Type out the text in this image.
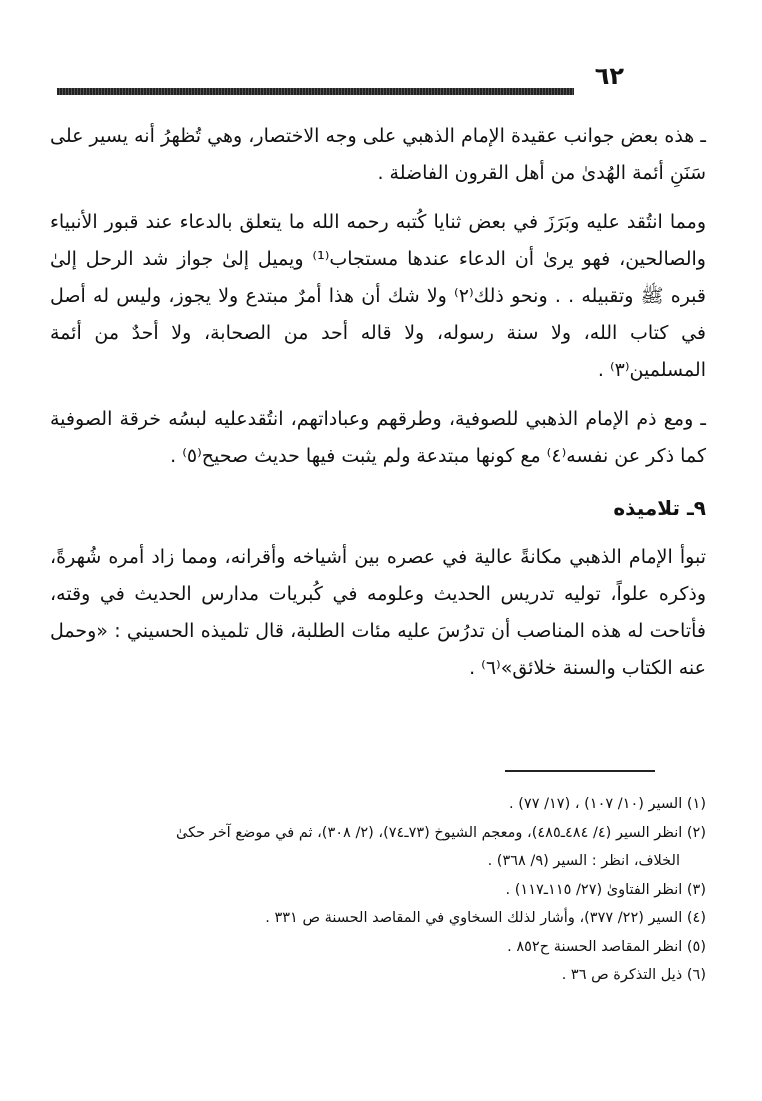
٦٢

ـ هذه بعض جوانب عقيدة الإمام الذهبي على وجه الاختصار، وهي تُظهرُ أنه يسير على سَنَنِ أئمة الهُدىٰ من أهل القرون الفاضلة .

ومما انتُقد عليه وبَرَزَ في بعض ثنايا كُتبه رحمه الله ما يتعلق بالدعاء عند قبور الأنبياء والصالحين، فهو يرىٰ أن الدعاء عندها مستجاب⁽¹⁾ ويميل إلىٰ جواز شد الرحل إلىٰ قبره ﷺ وتقبيله . . ونحو ذلك⁽٢⁾ ولا شك أن هذا أمرٌ مبتدع ولا يجوز، وليس له أصل في كتاب الله، ولا سنة رسوله، ولا قاله أحد من الصحابة، ولا أحدٌ من أئمة المسلمين⁽٣⁾ .

ـ ومع ذم الإمام الذهبي للصوفية، وطرقهم وعباداتهم، انتُقدعليه لبسُه خرقة الصوفية كما ذكر عن نفسه⁽٤⁾ مع كونها مبتدعة ولم يثبت فيها حديث صحيح⁽٥⁾ .

٩ـ تلاميذه

تبوأ الإمام الذهبي مكانةً عالية في عصره بين أشياخه وأقرانه، ومما زاد أمره شُهرةً، وذكره علواً، توليه تدريس الحديث وعلومه في كُبريات مدارس الحديث في وقته، فأتاحت له هذه المناصب أن تدرُسَ عليه مئات الطلبة، قال تلميذه الحسيني : «وحمل عنه الكتاب والسنة خلائق»⁽٦⁾ .

(١) السير (١٠/ ١٠٧) ، (١٧/ ٧٧) .

(٢) انظر السير (٤/ ٤٨٤ـ٤٨٥)، ومعجم الشيوخ (٧٣ـ٧٤)، (٢/ ٣٠٨)، ثم في موضع آخر حكىٰ

الخلاف، انظر : السير (٩/ ٣٦٨) .

(٣) انظر الفتاوىٰ (٢٧/ ١١٥ـ١١٧) .

(٤) السير (٢٢/ ٣٧٧)، وأشار لذلك السخاوي في المقاصد الحسنة ص ٣٣١ .

(٥) انظر المقاصد الحسنة ح٨٥٢ .

(٦) ذيل التذكرة ص ٣٦ .
